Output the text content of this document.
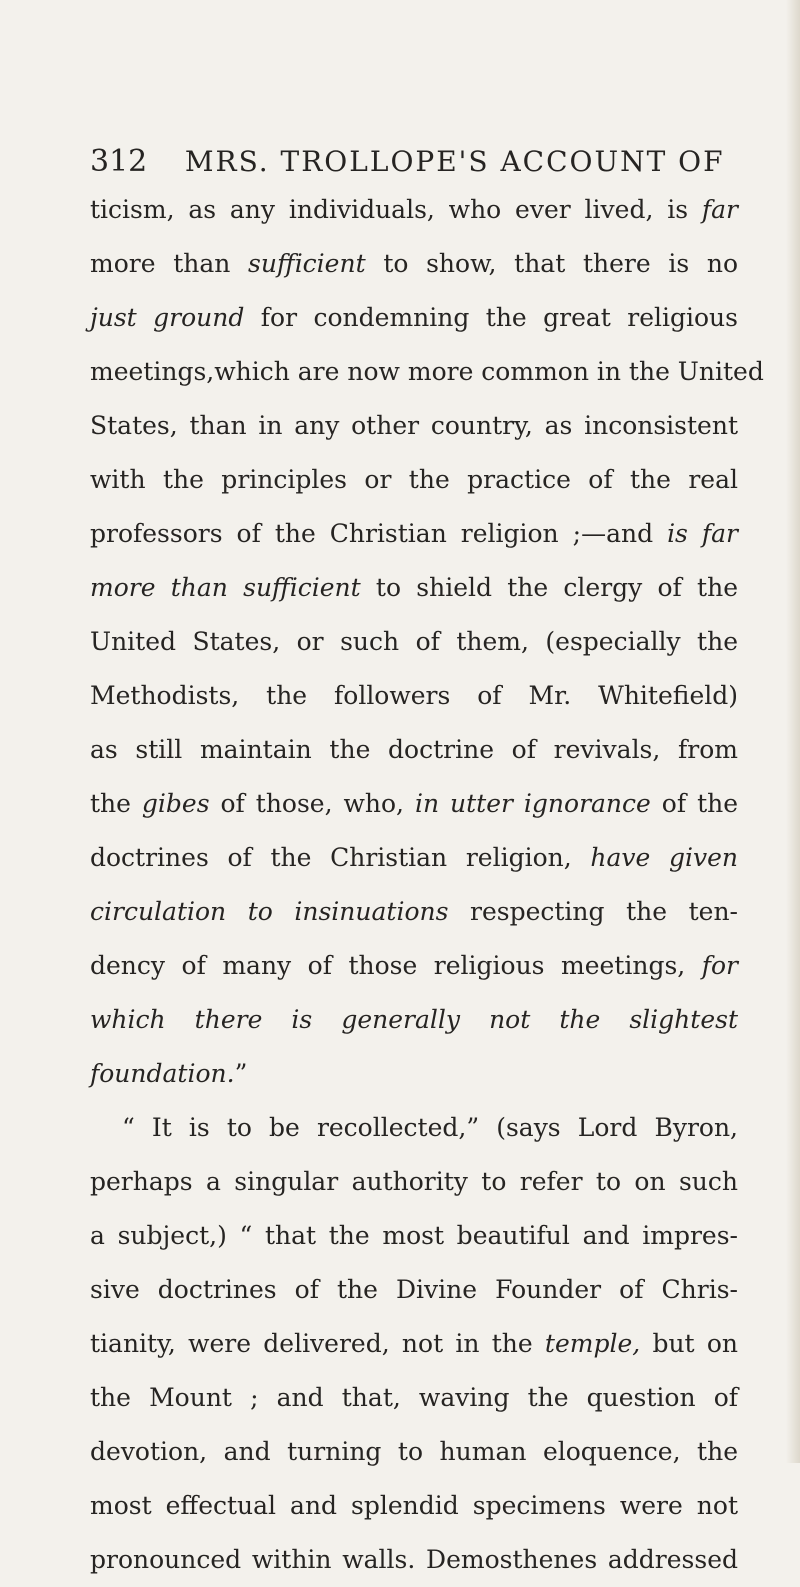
312 MRS. TROLLOPE'S ACCOUNT OF
ticism, as any individuals, who ever lived, is far
more than sufficient to show, that there is no
just ground for condemning the great religious
meetings,which are now more common in the United
States, than in any other country, as inconsistent
with the principles or the practice of the real
professors of the Christian religion ;—and is far
more than sufficient to shield the clergy of the
United States, or such of them, (especially the
Methodists, the followers of Mr. Whitefield)
as still maintain the doctrine of revivals, from
the gibes of those, who, in utter ignorance of the
doctrines of the Christian religion, have given
circulation to insinuations respecting the ten-
dency of many of those religious meetings, for
which there is generally not the slightest
foundation.”
“ It is to be recollected,” (says Lord Byron,
perhaps a singular authority to refer to on such
a subject,) “ that the most beautiful and impres-
sive doctrines of the Divine Founder of Chris-
tianity, were delivered, not in the temple, but on
the Mount ; and that, waving the question of
devotion, and turning to human eloquence, the
most effectual and splendid specimens were not
pronounced within walls. Demosthenes addressed
